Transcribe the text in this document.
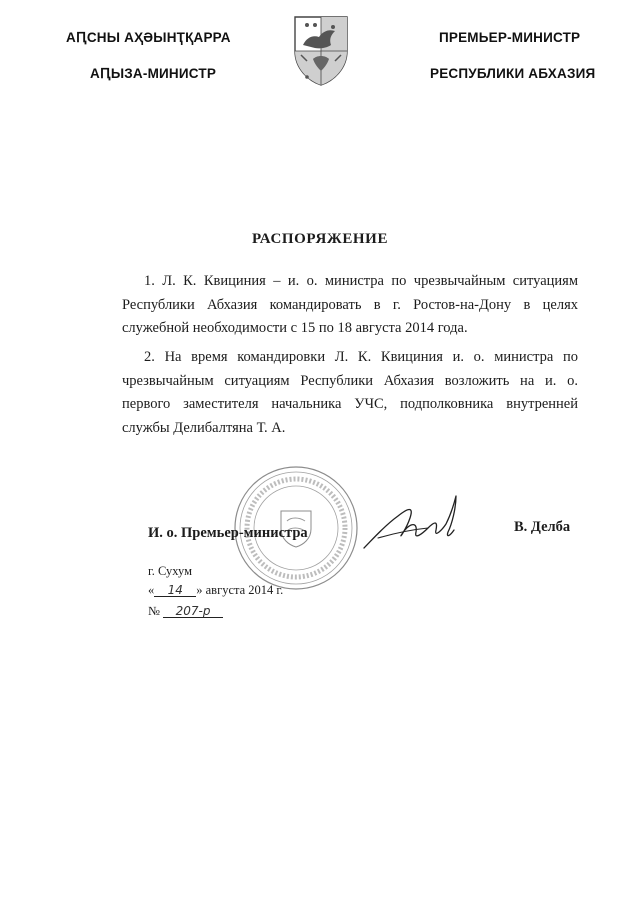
АԤСНЫ АҲӘЫНҬҚАРРА
АԤЫЗА-МИНИСТР
ПРЕМЬЕР-МИНИСТР
РЕСПУБЛИКИ АБХАЗИЯ
РАСПОРЯЖЕНИЕ
1. Л. К. Квициния – и. о. министра по чрезвычайным ситуациям Республики Абхазия командировать в г. Ростов-на-Дону в целях служебной необходимости с 15 по 18 августа 2014 года.
2. На время командировки Л. К. Квициния и. о. министра по чрезвычайным ситуациям Республики Абхазия возложить на и. о. первого заместителя начальника УЧС, подполковника внутренней службы Делибалтяна Т. А.
И. о. Премьер-министра	В. Делба
г. Сухум
« 14 » августа 2014 г.
№ 207-р
